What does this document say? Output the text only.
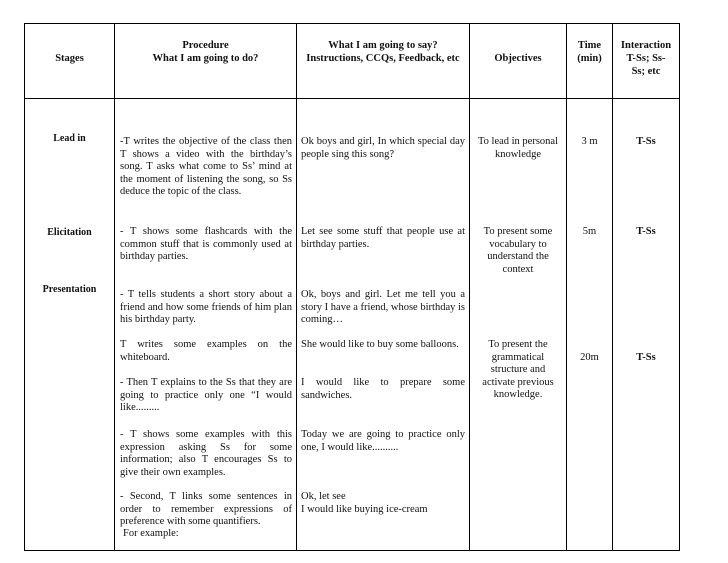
Stages
Procedure
What I am going to do?
What I am going to say?
Instructions, CCQs, Feedback, etc	Objectives
Time
(min)
Interaction
T-Ss; Ss-
Ss; etc
Lead in
Elicitation
Presentation
-T writes the objective of the class then T shows a video with the birthday’s song. T asks what come to Ss’ mind at the moment of listening the song, so Ss deduce the topic of the class.
- T shows some flashcards with the common stuff that is commonly used at birthday parties.
- T tells students a short story about a friend and how some friends of him plan his birthday party.
T writes some examples on the whiteboard.
- Then T explains to the Ss that they are going to practice only one “I would like.........
- T shows some examples with this expression asking Ss for some information; also T encourages Ss to give their own examples.
- Second, T links some sentences in order to remember expressions of preference with some quantifiers.
For example:
Ok boys and girl, In which special day people sing this song?
Let see some stuff that people use at birthday parties.
Ok, boys and girl. Let me tell you a story I have a friend, whose birthday is coming…
She would like to buy some balloons.
I would like to prepare some sandwiches.
Today we are going to practice only one, I would like..........
Ok, let see
I would like buying ice-cream
To lead in personal knowledge
To present some vocabulary to understand the context
To present the grammatical structure and activate previous knowledge.
3 m
5m
20m
T-Ss
T-Ss
T-Ss
